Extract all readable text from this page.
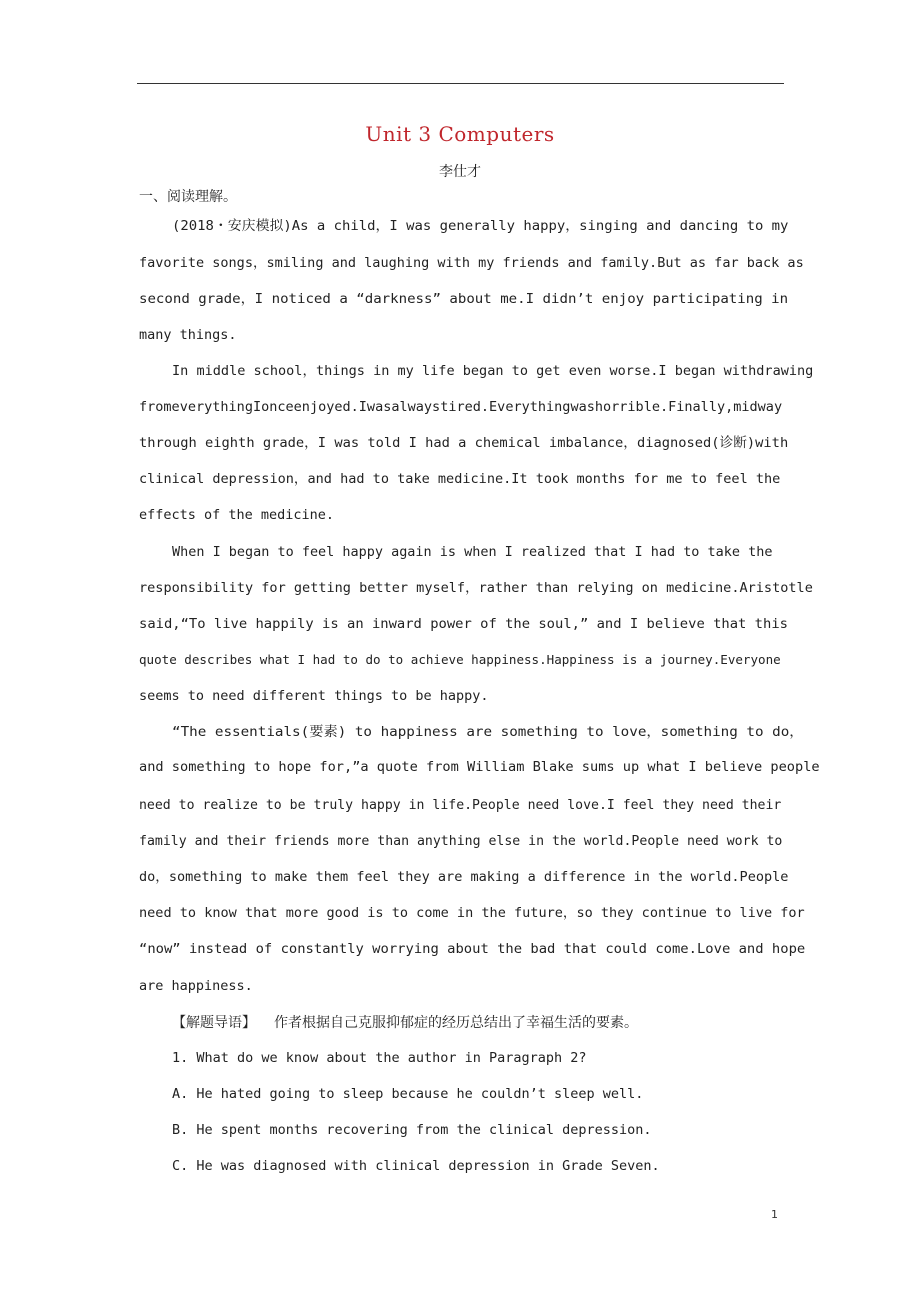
Unit 3 Computers
李仕才
一、阅读理解。
(2018・安庆模拟)As a child，I was generally happy，singing and dancing to my
favorite songs，smiling and laughing with my friends and family.But as far back as
second grade，I noticed a “darkness” about me.I didn’t enjoy participating in
many things.
In middle school，things in my life began to get even worse.I began withdrawing
fromeverythingIonceenjoyed.Iwasalwaystired.Everythingwashorrible.Finally,midway
through eighth grade，I was told I had a chemical imbalance，diagnosed(诊断)with
clinical depression，and had to take medicine.It took months for me to feel the
effects of the medicine.
When I began to feel happy again is when I realized that I had to take the
responsibility for getting better myself，rather than relying on medicine.Aristotle
said,“To live happily is an inward power of the soul,” and I believe that this
quote describes what I had to do to achieve happiness.Happiness is a journey.Everyone
seems to need different things to be happy.
“The essentials(要素) to happiness are something to love，something to do，
and something to hope for,”a quote from William Blake sums up what I believe people
need to realize to be truly happy in life.People need love.I feel they need their
family and their friends more than anything else in the world.People need work to
do，something to make them feel they are making a difference in the world.People
need to know that more good is to come in the future，so they continue to live for
“now” instead of constantly worrying about the bad that could come.Love and hope
are happiness.
【解题导语】 作者根据自己克服抑郁症的经历总结出了幸福生活的要素。
1. What do we know about the author in Paragraph 2?
A. He hated going to sleep because he couldn’t sleep well.
B. He spent months recovering from the clinical depression.
C. He was diagnosed with clinical depression in Grade Seven.
1
